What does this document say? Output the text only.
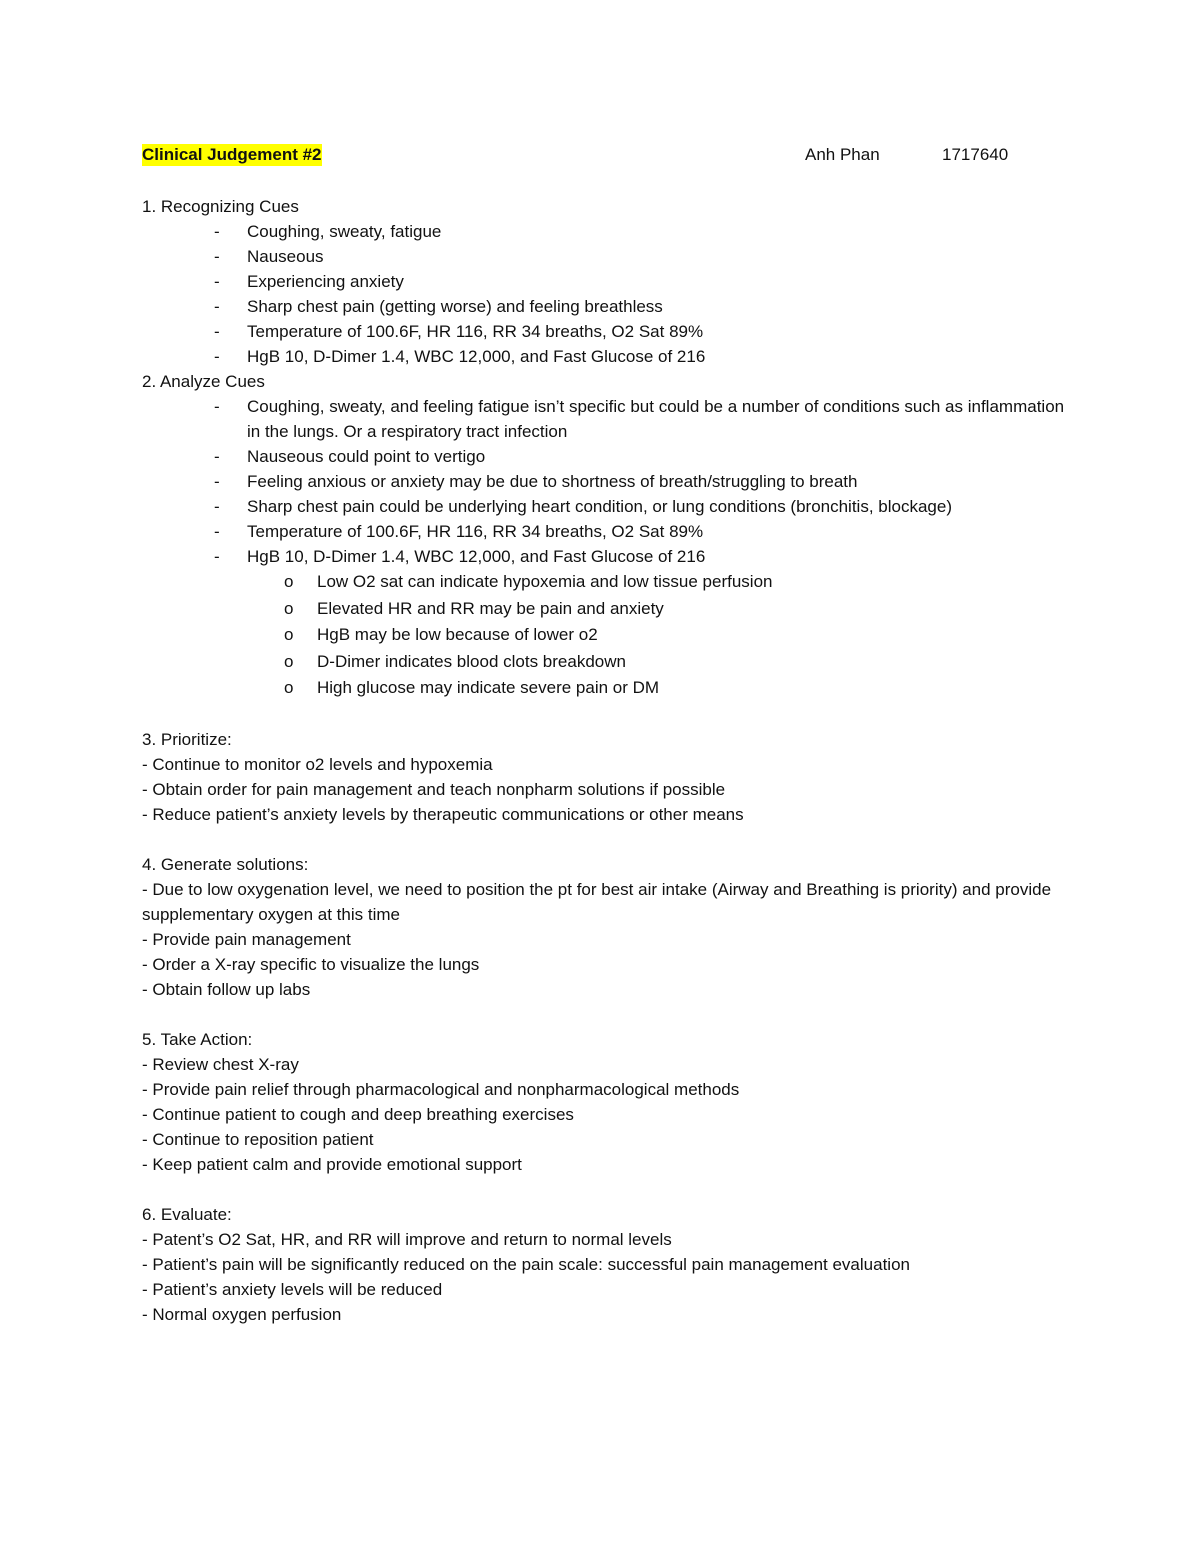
Clinical Judgement #2	Anh Phan	1717640
1. Recognizing Cues
- Coughing, sweaty, fatigue
- Nauseous
- Experiencing anxiety
- Sharp chest pain (getting worse) and feeling breathless
- Temperature of 100.6F, HR 116, RR 34 breaths, O2 Sat 89%
- HgB 10, D-Dimer 1.4, WBC 12,000, and Fast Glucose of 216
2. Analyze Cues
- Coughing, sweaty, and feeling fatigue isn’t specific but could be a number of conditions such as inflammation in the lungs. Or a respiratory tract infection
- Nauseous could point to vertigo
- Feeling anxious or anxiety may be due to shortness of breath/struggling to breath
- Sharp chest pain could be underlying heart condition, or lung conditions (bronchitis, blockage)
- Temperature of 100.6F, HR 116, RR 34 breaths, O2 Sat 89%
- HgB 10, D-Dimer 1.4, WBC 12,000, and Fast Glucose of 216
o Low O2 sat can indicate hypoxemia and low tissue perfusion
o Elevated HR and RR may be pain and anxiety
o HgB may be low because of lower o2
o D-Dimer indicates blood clots breakdown
o High glucose may indicate severe pain or DM
3. Prioritize:
- Continue to monitor o2 levels and hypoxemia
- Obtain order for pain management and teach nonpharm solutions if possible
- Reduce patient’s anxiety levels by therapeutic communications or other means
4. Generate solutions:
- Due to low oxygenation level, we need to position the pt for best air intake (Airway and Breathing is priority) and provide supplementary oxygen at this time
- Provide pain management
- Order a X-ray specific to visualize the lungs
- Obtain follow up labs
5. Take Action:
- Review chest X-ray
- Provide pain relief through pharmacological and nonpharmacological methods
- Continue patient to cough and deep breathing exercises
- Continue to reposition patient
- Keep patient calm and provide emotional support
6. Evaluate:
- Patent’s O2 Sat, HR, and RR will improve and return to normal levels
- Patient’s pain will be significantly reduced on the pain scale: successful pain management evaluation
- Patient’s anxiety levels will be reduced
- Normal oxygen perfusion
